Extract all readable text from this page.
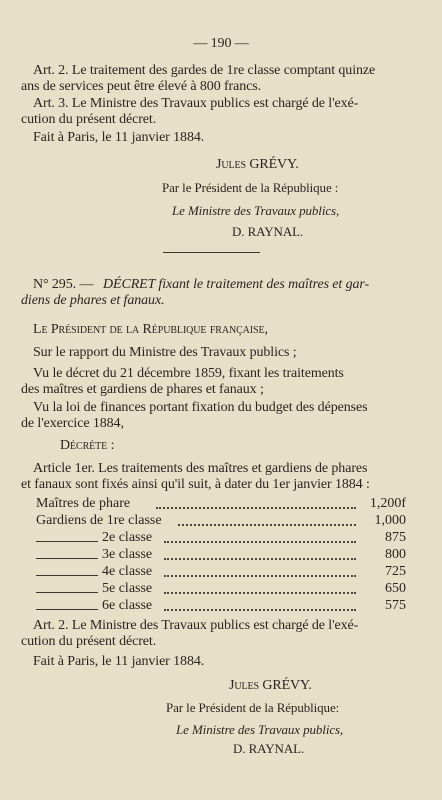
— 190 —
Art. 2. Le traitement des gardes de 1re classe comptant quinze
ans de services peut être élevé à 800 francs.
Art. 3. Le Ministre des Travaux publics est chargé de l'exé-
cution du présent décret.
Fait à Paris, le 11 janvier 1884.
Jules GRÉVY.
Par le Président de la République :
Le Ministre des Travaux publics,
D. RAYNAL.
N° 295. — DÉCRET fixant le traitement des maîtres et gar-
diens de phares et fanaux.
Le Président de la République française,
Sur le rapport du Ministre des Travaux publics ;
Vu le décret du 21 décembre 1859, fixant les traitements
des maîtres et gardiens de phares et fanaux ;
Vu la loi de finances portant fixation du budget des dépenses
de l'exercice 1884,
Décrète :
Article 1er. Les traitements des maîtres et gardiens de phares
et fanaux sont fixés ainsi qu'il suit, à dater du 1er janvier 1884 :
Maîtres de phare	1,200f
Gardiens de 1re classe	1,000
2e classe	875
3e classe	800
4e classe	725
5e classe	650
6e classe	575
Art. 2. Le Ministre des Travaux publics est chargé de l'exé-
cution du présent décret.
Fait à Paris, le 11 janvier 1884.
Jules GRÉVY.
Par le Président de la République:
Le Ministre des Travaux publics,
D. RAYNAL.
